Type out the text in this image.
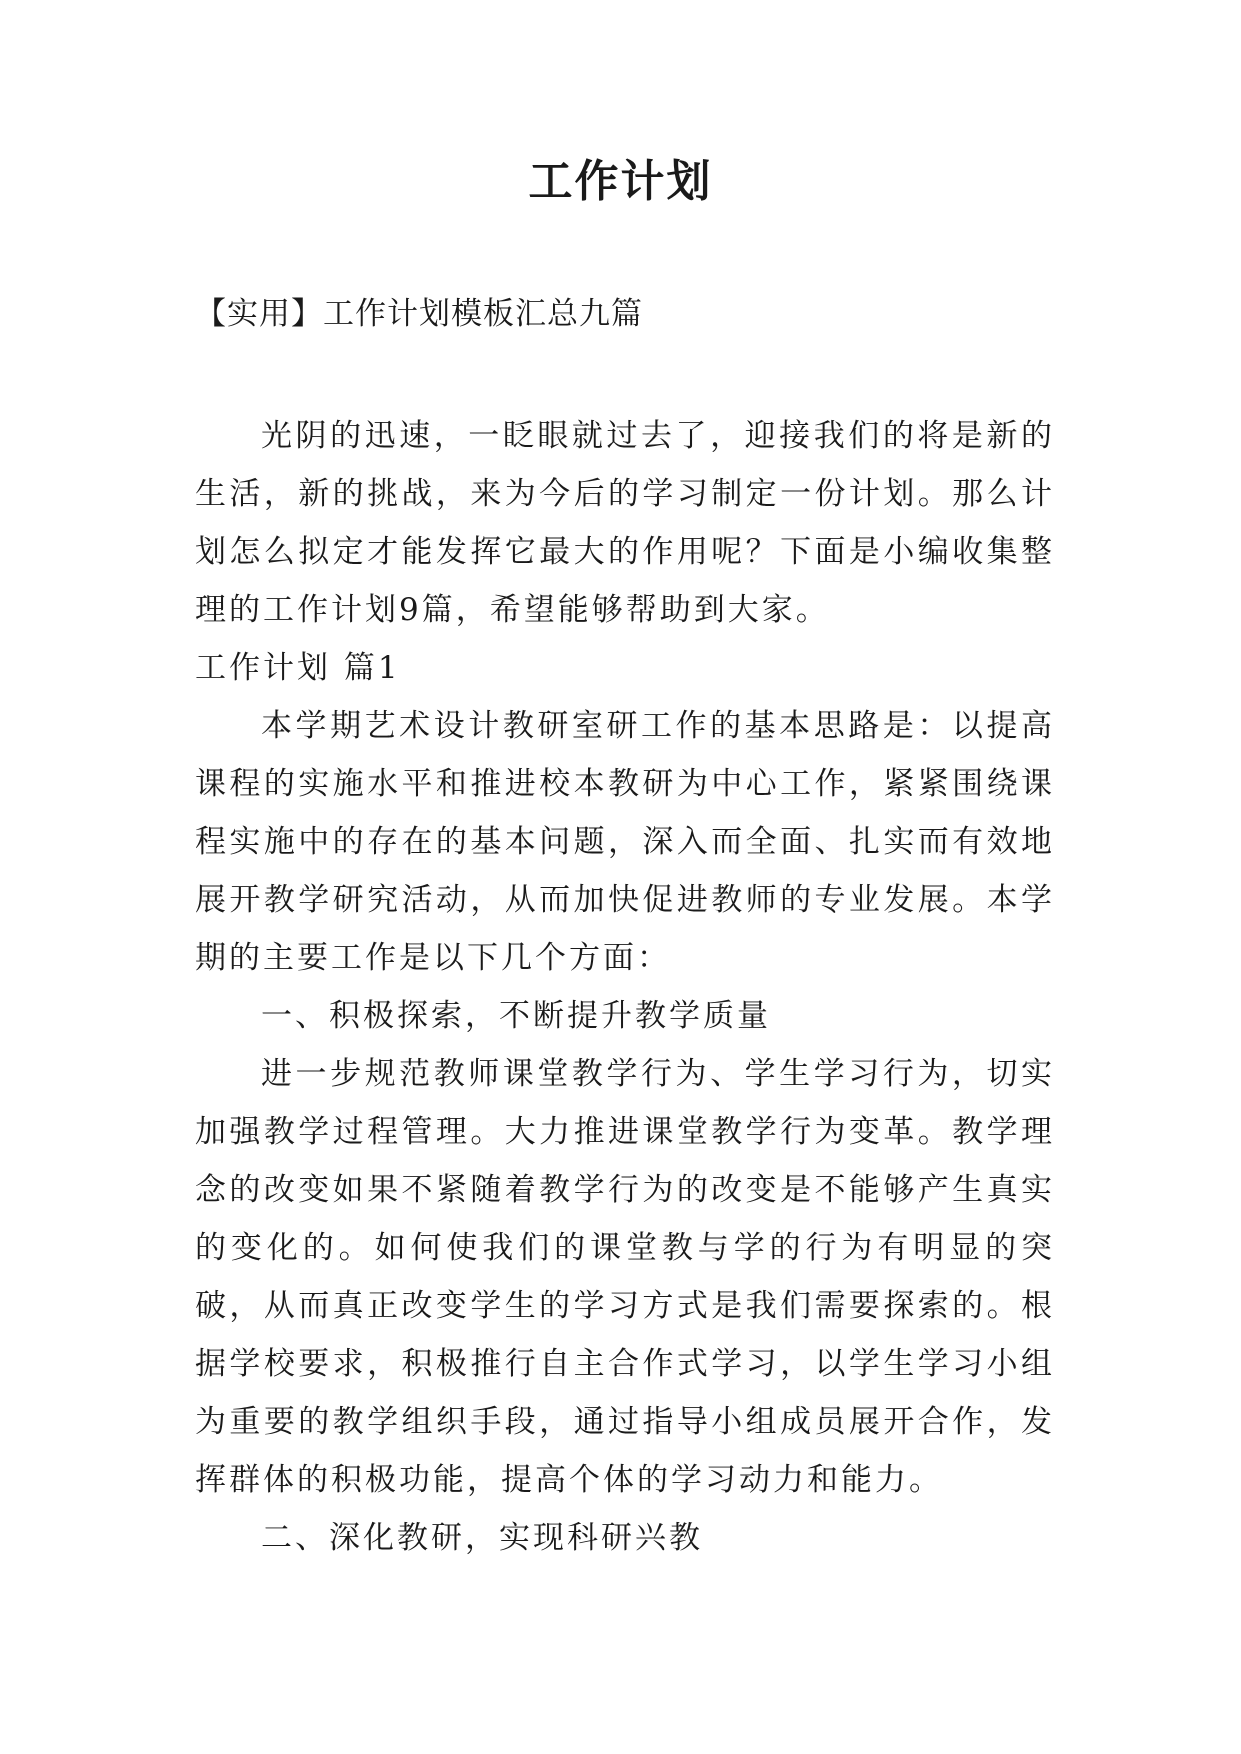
工作计划
【实用】工作计划模板汇总九篇

光阴的迅速，一眨眼就过去了，迎接我们的将是新的生活，新的挑战，来为今后的学习制定一份计划。那么计划怎么拟定才能发挥它最大的作用呢？下面是小编收集整理的工作计划9篇，希望能够帮助到大家。

工作计划 篇1

本学期艺术设计教研室研工作的基本思路是：以提高课程的实施水平和推进校本教研为中心工作，紧紧围绕课程实施中的存在的基本问题，深入而全面、扎实而有效地展开教学研究活动，从而加快促进教师的专业发展。本学期的主要工作是以下几个方面：

一、积极探索，不断提升教学质量

进一步规范教师课堂教学行为、学生学习行为，切实加强教学过程管理。大力推进课堂教学行为变革。教学理念的改变如果不紧随着教学行为的改变是不能够产生真实的变化的。如何使我们的课堂教与学的行为有明显的突破，从而真正改变学生的学习方式是我们需要探索的。根据学校要求，积极推行自主合作式学习，以学生学习小组为重要的教学组织手段，通过指导小组成员展开合作，发挥群体的积极功能，提高个体的学习动力和能力。

二、深化教研，实现科研兴教
